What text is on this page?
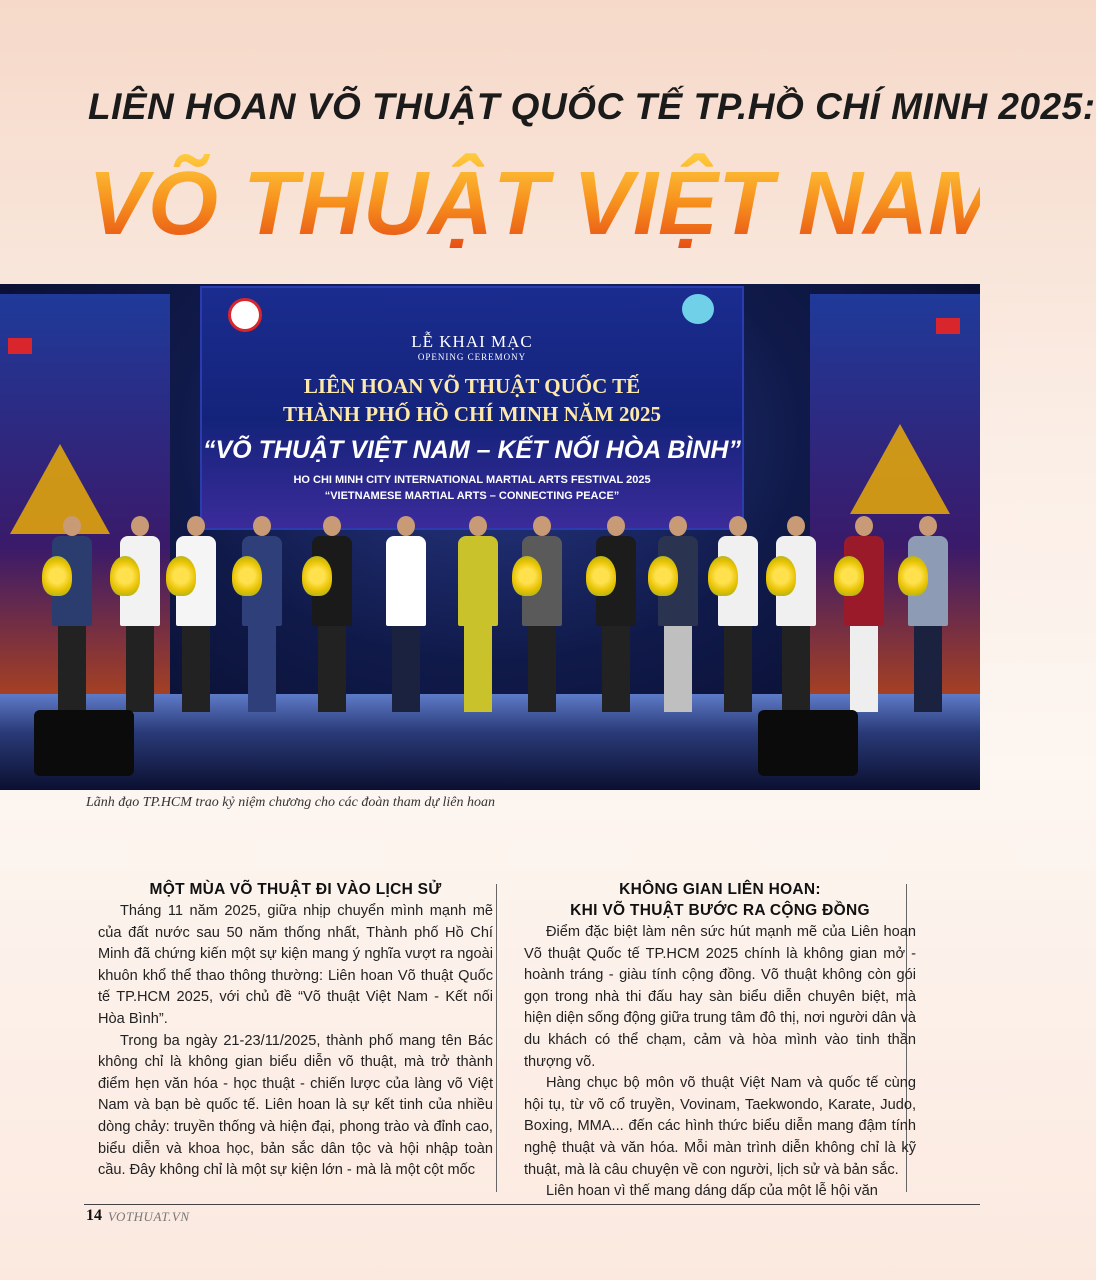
LIÊN HOAN VÕ THUẬT QUỐC TẾ TP.HỒ CHÍ MINH 2025:
VÕ THUẬT VIỆT NAM –
LỄ KHAI MẠC
OPENING CEREMONY
LIÊN HOAN VÕ THUẬT QUỐC TẾ
THÀNH PHỐ HỒ CHÍ MINH NĂM 2025
“VÕ THUẬT VIỆT NAM – KẾT NỐI HÒA BÌNH”
HO CHI MINH CITY INTERNATIONAL MARTIAL ARTS FESTIVAL 2025
“VIETNAMESE MARTIAL ARTS – CONNECTING PEACE”
Lãnh đạo TP.HCM trao kỷ niệm chương cho các đoàn tham dự liên hoan
MỘT MÙA VÕ THUẬT ĐI VÀO LỊCH SỬ

Tháng 11 năm 2025, giữa nhịp chuyển mình mạnh mẽ của đất nước sau 50 năm thống nhất, Thành phố Hồ Chí Minh đã chứng kiến một sự kiện mang ý nghĩa vượt ra ngoài khuôn khổ thể thao thông thường: Liên hoan Võ thuật Quốc tế TP.HCM 2025, với chủ đề “Võ thuật Việt Nam - Kết nối Hòa Bình”.

Trong ba ngày 21-23/11/2025, thành phố mang tên Bác không chỉ là không gian biểu diễn võ thuật, mà trở thành điểm hẹn văn hóa - học thuật - chiến lược của làng võ Việt Nam và bạn bè quốc tế. Liên hoan là sự kết tinh của nhiều dòng chảy: truyền thống và hiện đại, phong trào và đỉnh cao, biểu diễn và khoa học, bản sắc dân tộc và hội nhập toàn cầu. Đây không chỉ là một sự kiện lớn - mà là một cột mốc

KHÔNG GIAN LIÊN HOAN:
KHI VÕ THUẬT BƯỚC RA CỘNG ĐỒNG

Điểm đặc biệt làm nên sức hút mạnh mẽ của Liên hoan Võ thuật Quốc tế TP.HCM 2025 chính là không gian mở - hoành tráng - giàu tính cộng đồng. Võ thuật không còn gói gọn trong nhà thi đấu hay sàn biểu diễn chuyên biệt, mà hiện diện sống động giữa trung tâm đô thị, nơi người dân và du khách có thể chạm, cảm và hòa mình vào tinh thần thượng võ.

Hàng chục bộ môn võ thuật Việt Nam và quốc tế cùng hội tụ, từ võ cổ truyền, Vovinam, Taekwondo, Karate, Judo, Boxing, MMA... đến các hình thức biểu diễn mang đậm tính nghệ thuật và văn hóa. Mỗi màn trình diễn không chỉ là kỹ thuật, mà là câu chuyện về con người, lịch sử và bản sắc.

Liên hoan vì thế mang dáng dấp của một lễ hội văn

14 VOTHUAT.VN
